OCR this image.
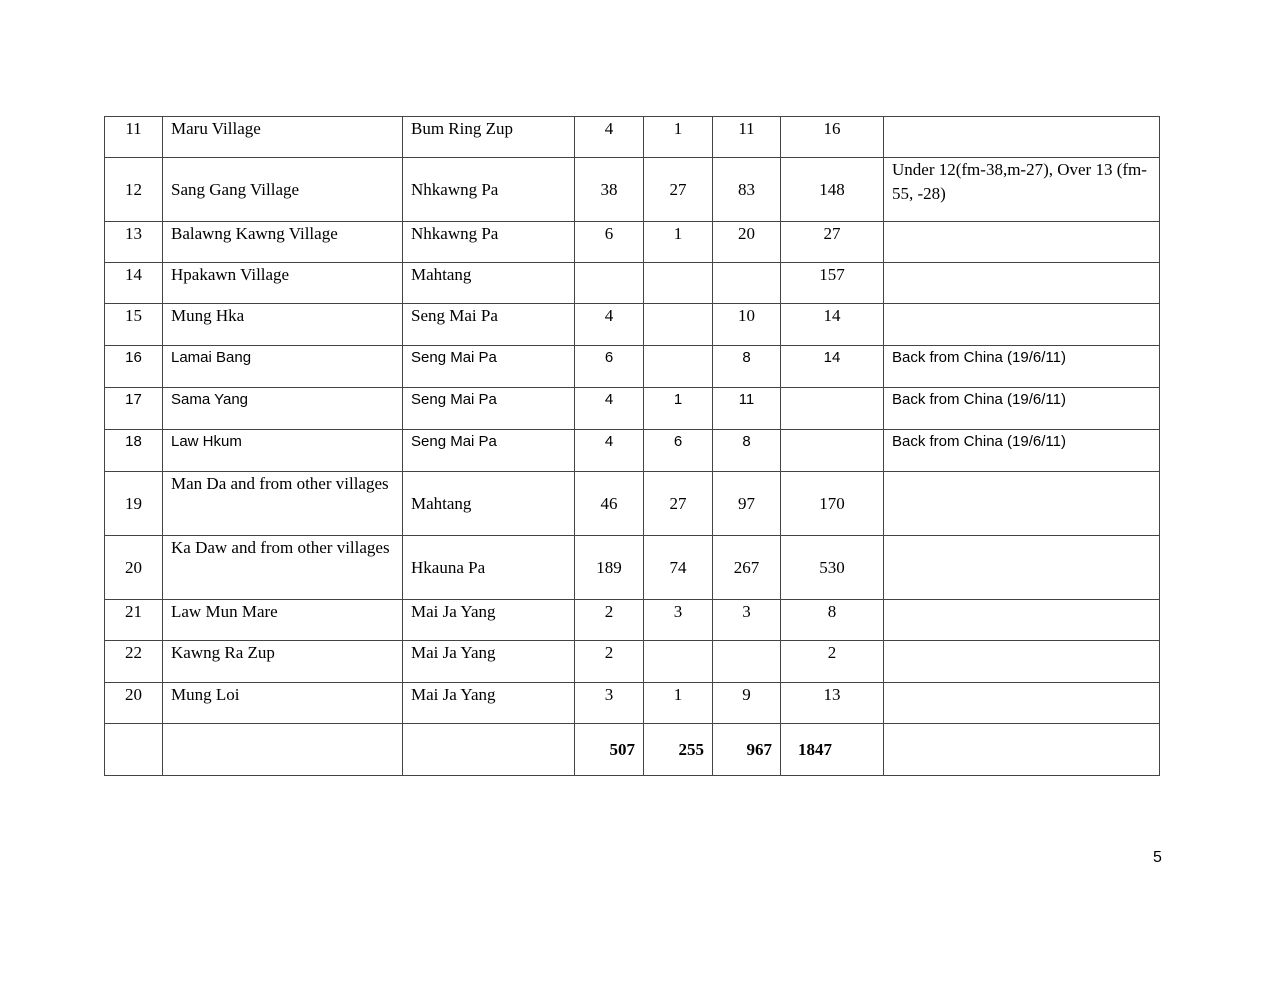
11	Maru Village	Bum Ring Zup	4	1	11	16	
12	Sang Gang Village	Nhkawng Pa	38	27	83	148	Under 12(fm-38,m-27), Over 13 (fm-55, -28)
13	Balawng Kawng Village	Nhkawng Pa	6	1	20	27	
14	Hpakawn Village	Mahtang				157	
15	Mung Hka	Seng Mai Pa	4		10	14	
16	Lamai Bang	Seng Mai Pa	6		8	14	Back from China (19/6/11)
17	Sama Yang	Seng Mai Pa	4	1	11		Back from China (19/6/11)
18	Law Hkum	Seng Mai Pa	4	6	8		Back from China (19/6/11)
19	Man Da and from other villages	Mahtang	46	27	97	170	
20	Ka Daw and from other villages	Hkauna Pa	189	74	267	530	
21	Law Mun Mare	Mai Ja Yang	2	3	3	8	
22	Kawng Ra Zup	Mai Ja Yang	2			2	
20	Mung Loi	Mai Ja Yang	3	1	9	13	
			507	255	967	1847	
5
